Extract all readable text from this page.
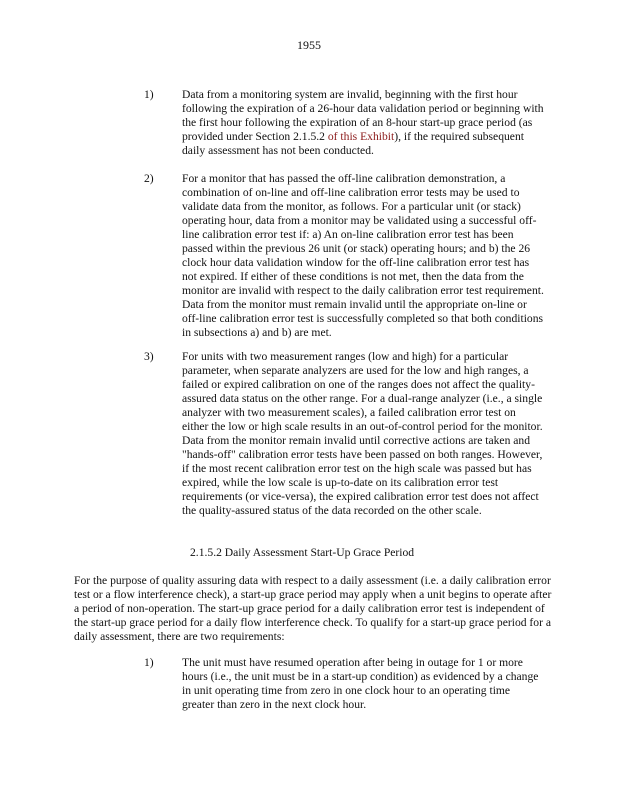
1955
1) Data from a monitoring system are invalid, beginning with the first hour following the expiration of a 26-hour data validation period or beginning with the first hour following the expiration of an 8-hour start-up grace period (as provided under Section 2.1.5.2 of this Exhibit), if the required subsequent daily assessment has not been conducted.
2) For a monitor that has passed the off-line calibration demonstration, a combination of on-line and off-line calibration error tests may be used to validate data from the monitor, as follows. For a particular unit (or stack) operating hour, data from a monitor may be validated using a successful off-line calibration error test if: a) An on-line calibration error test has been passed within the previous 26 unit (or stack) operating hours; and b) the 26 clock hour data validation window for the off-line calibration error test has not expired. If either of these conditions is not met, then the data from the monitor are invalid with respect to the daily calibration error test requirement. Data from the monitor must remain invalid until the appropriate on-line or off-line calibration error test is successfully completed so that both conditions in subsections a) and b) are met.
3) For units with two measurement ranges (low and high) for a particular parameter, when separate analyzers are used for the low and high ranges, a failed or expired calibration on one of the ranges does not affect the quality-assured data status on the other range. For a dual-range analyzer (i.e., a single analyzer with two measurement scales), a failed calibration error test on either the low or high scale results in an out-of-control period for the monitor. Data from the monitor remain invalid until corrective actions are taken and "hands-off" calibration error tests have been passed on both ranges. However, if the most recent calibration error test on the high scale was passed but has expired, while the low scale is up-to-date on its calibration error test requirements (or vice-versa), the expired calibration error test does not affect the quality-assured status of the data recorded on the other scale.
2.1.5.2 Daily Assessment Start-Up Grace Period
For the purpose of quality assuring data with respect to a daily assessment (i.e. a daily calibration error test or a flow interference check), a start-up grace period may apply when a unit begins to operate after a period of non-operation. The start-up grace period for a daily calibration error test is independent of the start-up grace period for a daily flow interference check. To qualify for a start-up grace period for a daily assessment, there are two requirements:
1) The unit must have resumed operation after being in outage for 1 or more hours (i.e., the unit must be in a start-up condition) as evidenced by a change in unit operating time from zero in one clock hour to an operating time greater than zero in the next clock hour.
